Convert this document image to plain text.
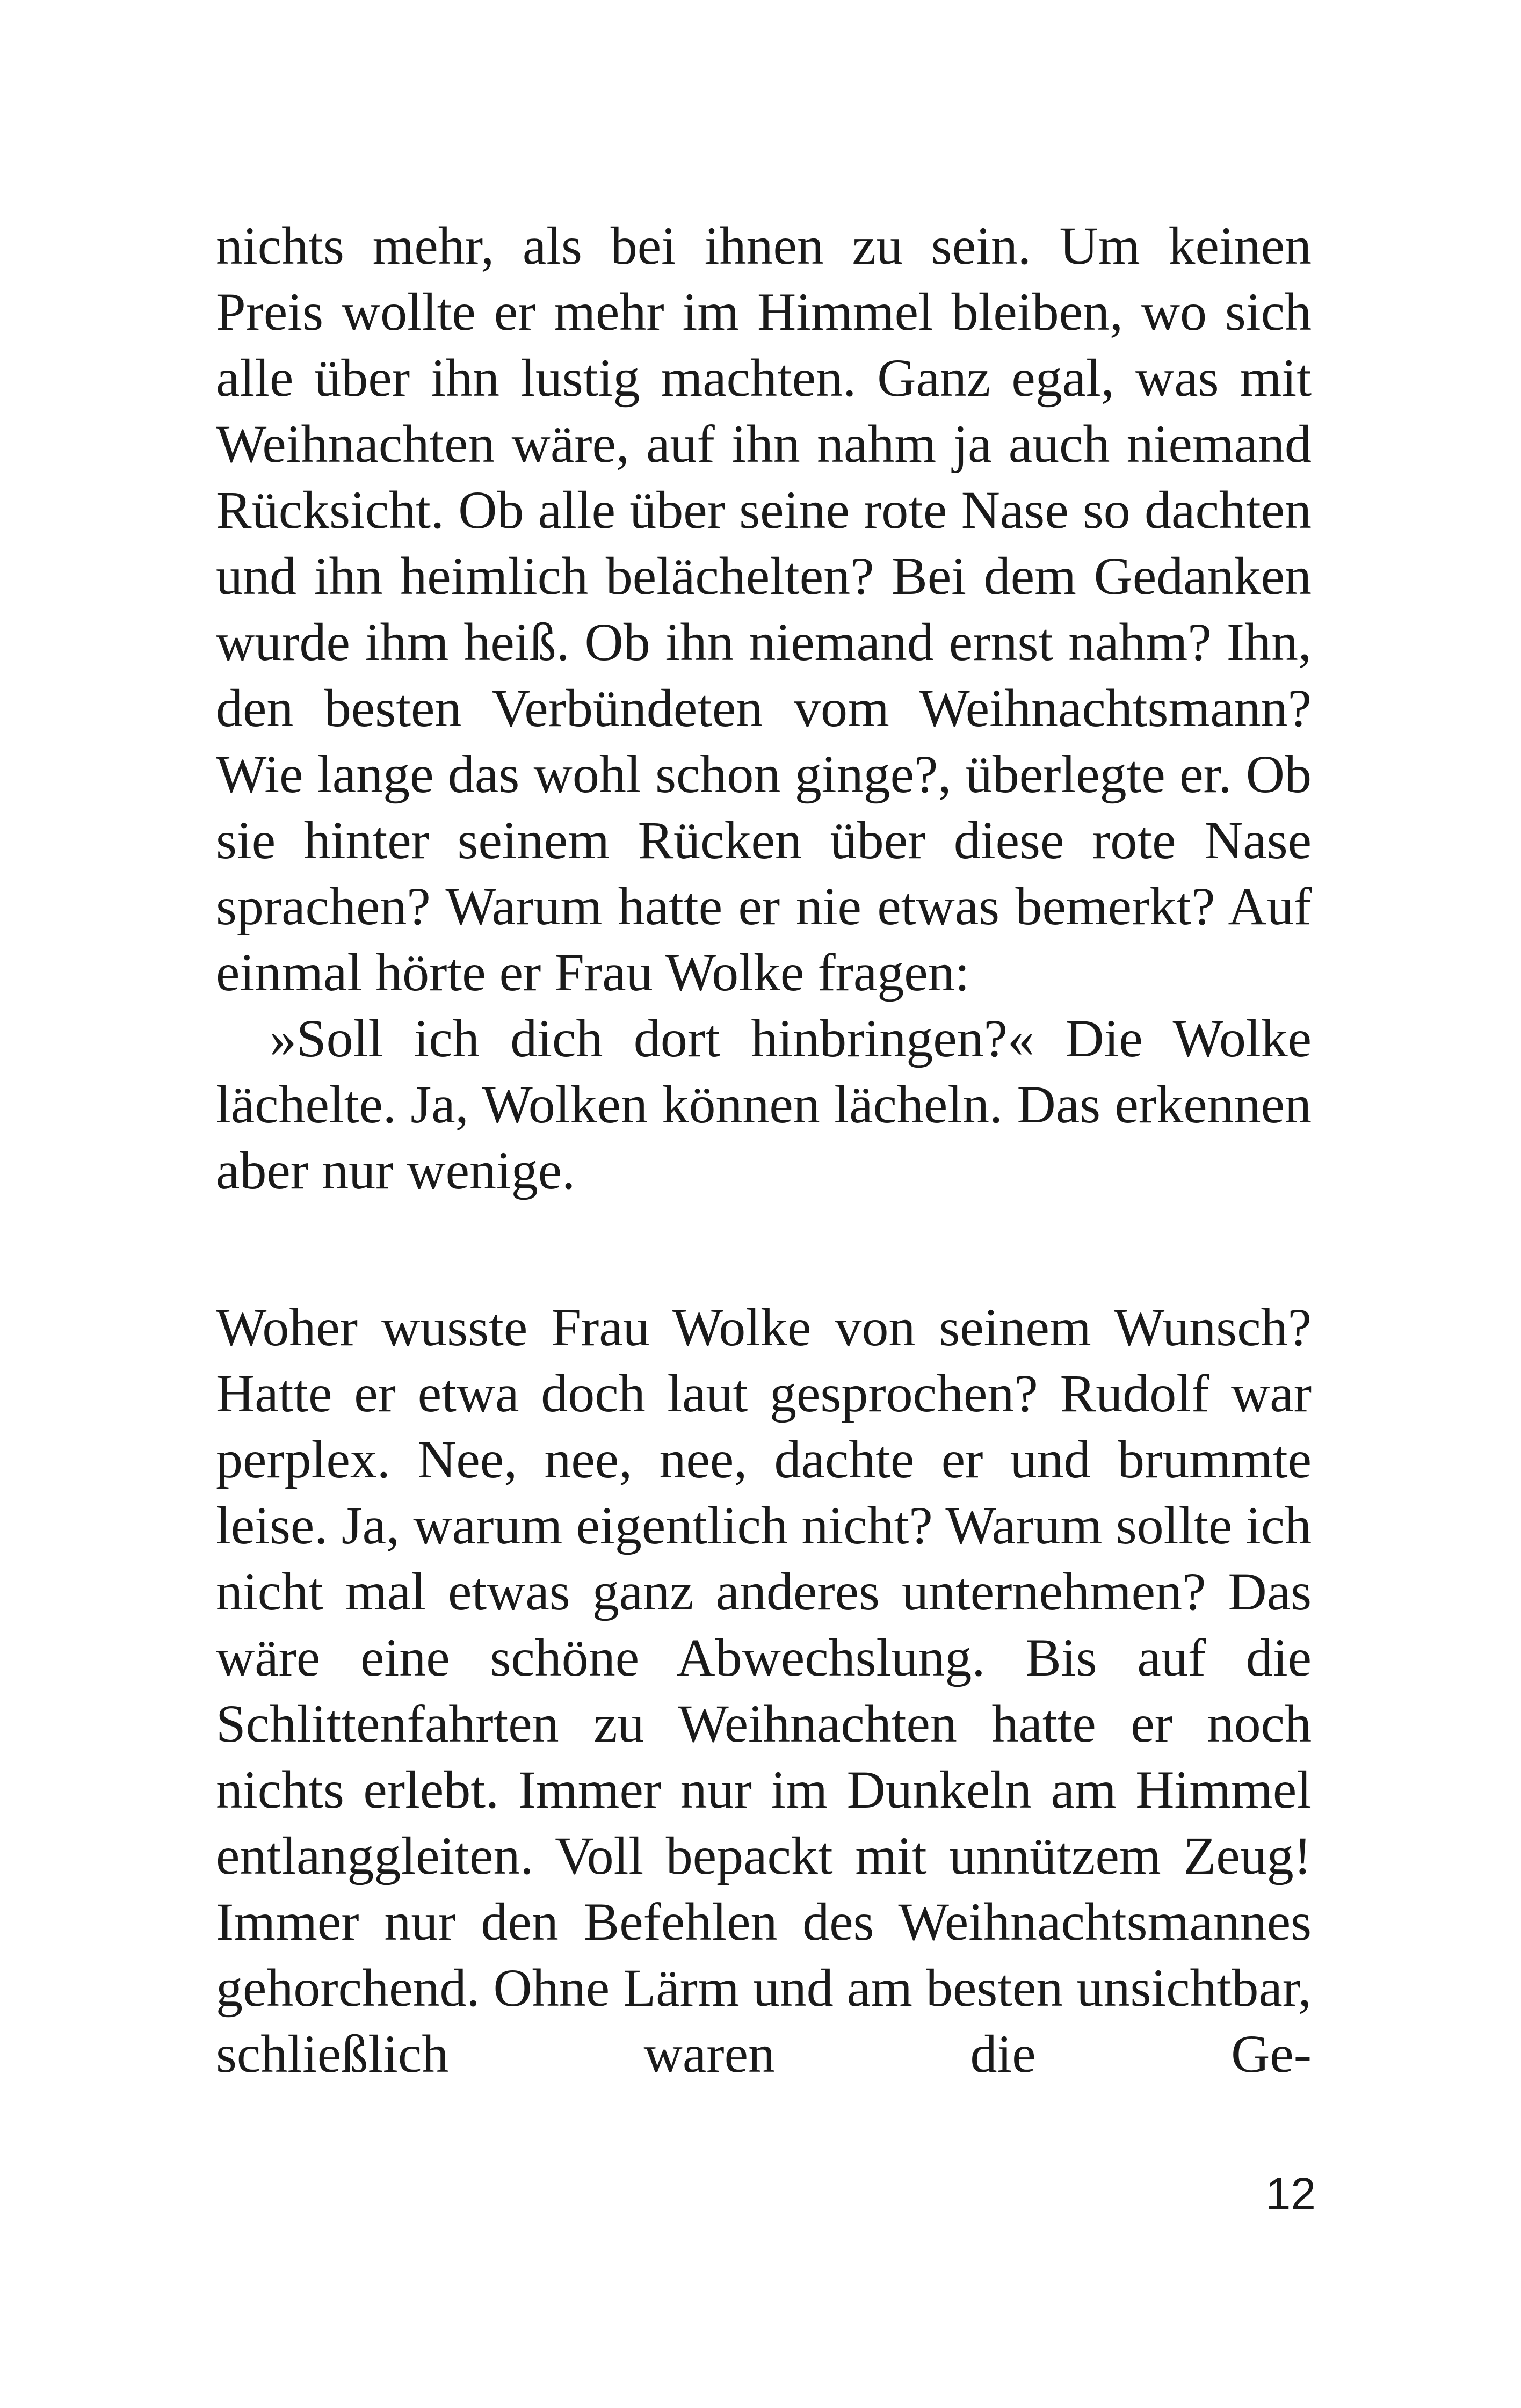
nichts mehr, als bei ihnen zu sein. Um keinen Preis wollte er mehr im Himmel bleiben, wo sich alle über ihn lustig machten. Ganz egal, was mit Weihnachten wäre, auf ihn nahm ja auch niemand Rücksicht. Ob alle über seine rote Nase so dachten und ihn heimlich belächelten? Bei dem Gedanken wurde ihm heiß. Ob ihn niemand ernst nahm? Ihn, den besten Verbündeten vom Weihnachtsmann? Wie lange das wohl schon ginge?, überlegte er. Ob sie hinter seinem Rücken über diese rote Nase sprachen? Warum hatte er nie etwas bemerkt? Auf einmal hörte er Frau Wolke fragen:

»Soll ich dich dort hinbringen?« Die Wolke lächelte. Ja, Wolken können lächeln. Das erkennen aber nur wenige.

Woher wusste Frau Wolke von seinem Wunsch? Hatte er etwa doch laut gesprochen? Rudolf war perplex. Nee, nee, nee, dachte er und brummte leise. Ja, warum eigentlich nicht? Warum sollte ich nicht mal etwas ganz anderes unternehmen? Das wäre eine schöne Abwechslung. Bis auf die Schlittenfahrten zu Weihnachten hatte er noch nichts erlebt. Immer nur im Dunkeln am Himmel entlanggleiten. Voll bepackt mit unnützem Zeug! Immer nur den Befehlen des Weihnachtsmannes gehorchend. Ohne Lärm und am besten unsichtbar, schließlich waren die Ge-

12
